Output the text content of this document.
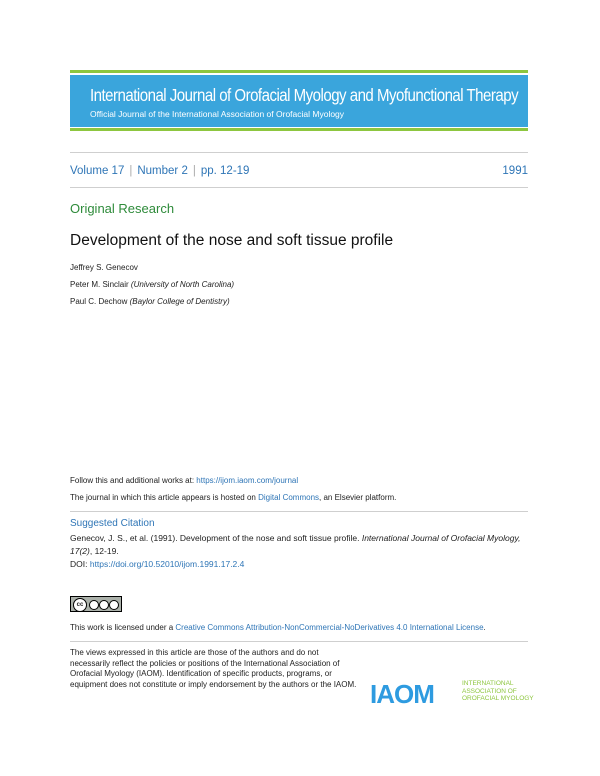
International Journal of Orofacial Myology and Myofunctional Therapy
Official Journal of the International Association of Orofacial Myology
Volume 17 | Number 2 | pp. 12-19	1991
Original Research
Development of the nose and soft tissue profile
Jeffrey S. Genecov
Peter M. Sinclair (University of North Carolina)
Paul C. Dechow (Baylor College of Dentistry)
Follow this and additional works at: https://ijom.iaom.com/journal
The journal in which this article appears is hosted on Digital Commons, an Elsevier platform.
Suggested Citation
Genecov, J. S., et al. (1991). Development of the nose and soft tissue profile. International Journal of Orofacial Myology, 17(2), 12-19.
DOI: https://doi.org/10.52010/ijom.1991.17.2.4
cc
This work is licensed under a Creative Commons Attribution-NonCommercial-NoDerivatives 4.0 International License.
The views expressed in this article are those of the authors and do not necessarily reflect the policies or positions of the International Association of Orofacial Myology (IAOM). Identification of specific products, programs, or equipment does not constitute or imply endorsement by the authors or the IAOM. IAOM	INTERNATIONAL
ASSOCIATION OF
OROFACIAL MYOLOGY
